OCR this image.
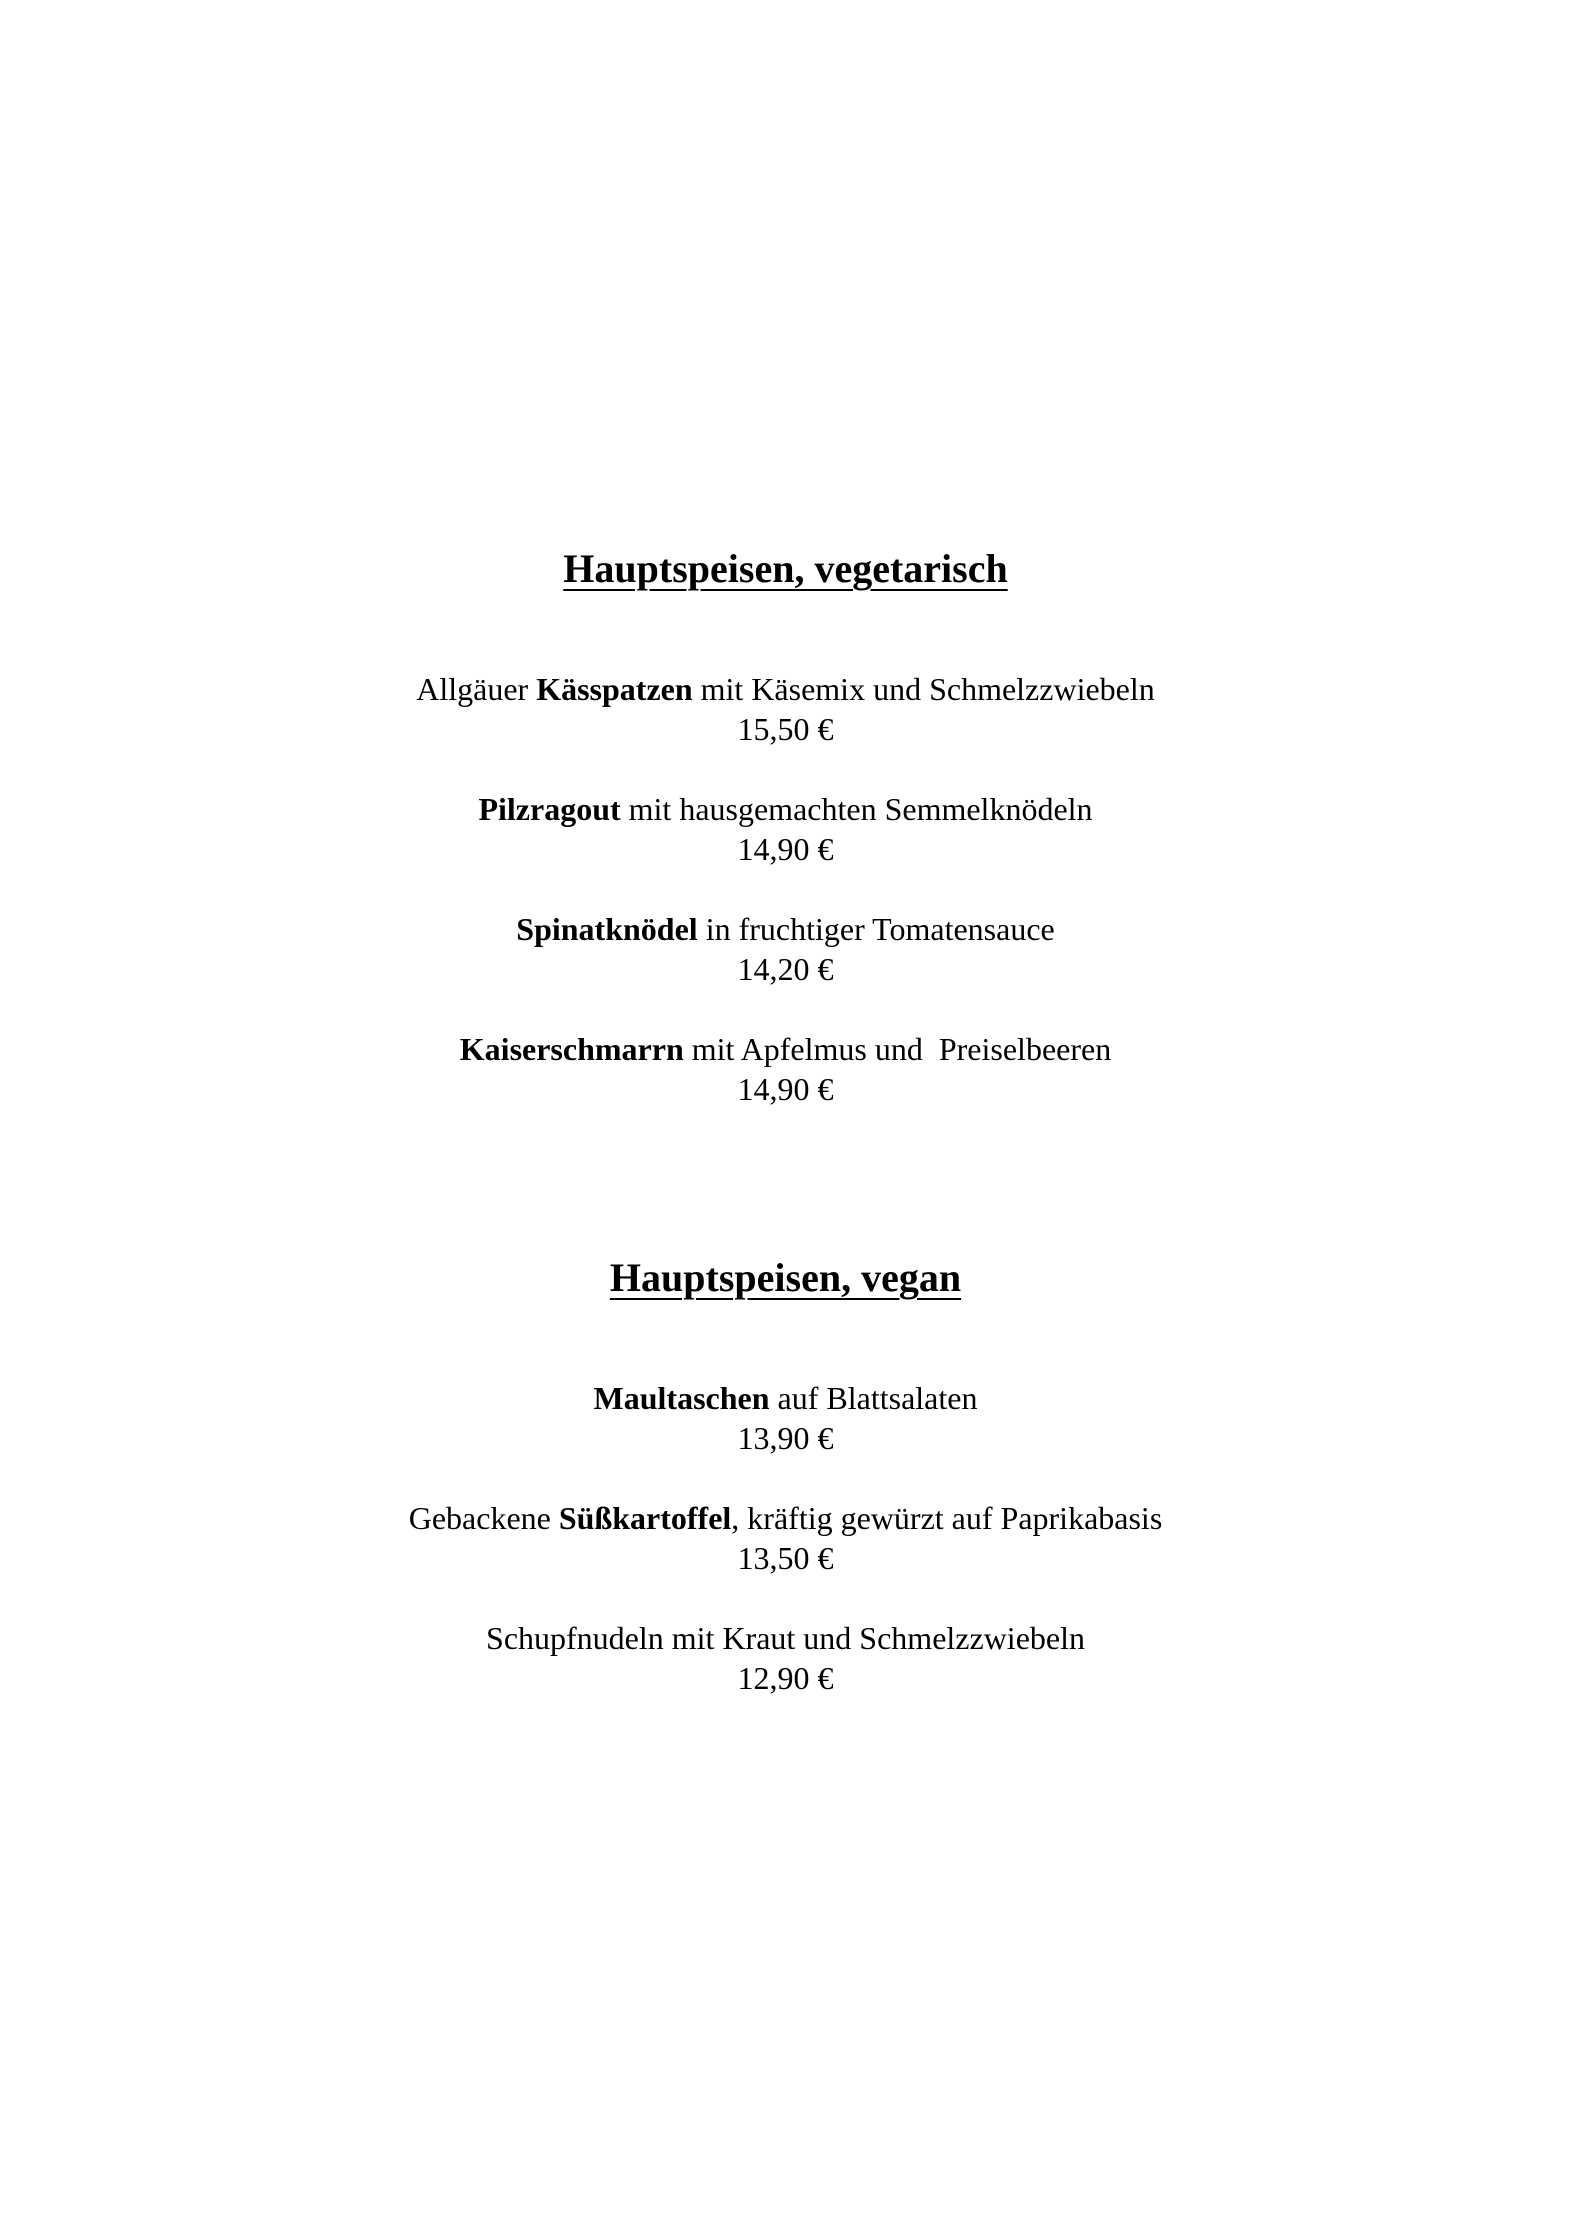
Hauptspeisen, vegetarisch
Allgäuer Kässpatzen mit Käsemix und Schmelzzwiebeln
15,50 €
Pilzragout mit hausgemachten Semmelknödeln
14,90 €
Spinatknödel in fruchtiger Tomatensauce
14,20 €
Kaiserschmarrn mit Apfelmus und  Preiselbeeren
14,90 €
Hauptspeisen, vegan
Maultaschen auf Blattsalaten
13,90 €
Gebackene Süßkartoffel, kräftig gewürzt auf Paprikabasis
13,50 €
Schupfnudeln mit Kraut und Schmelzzwiebeln
12,90 €
